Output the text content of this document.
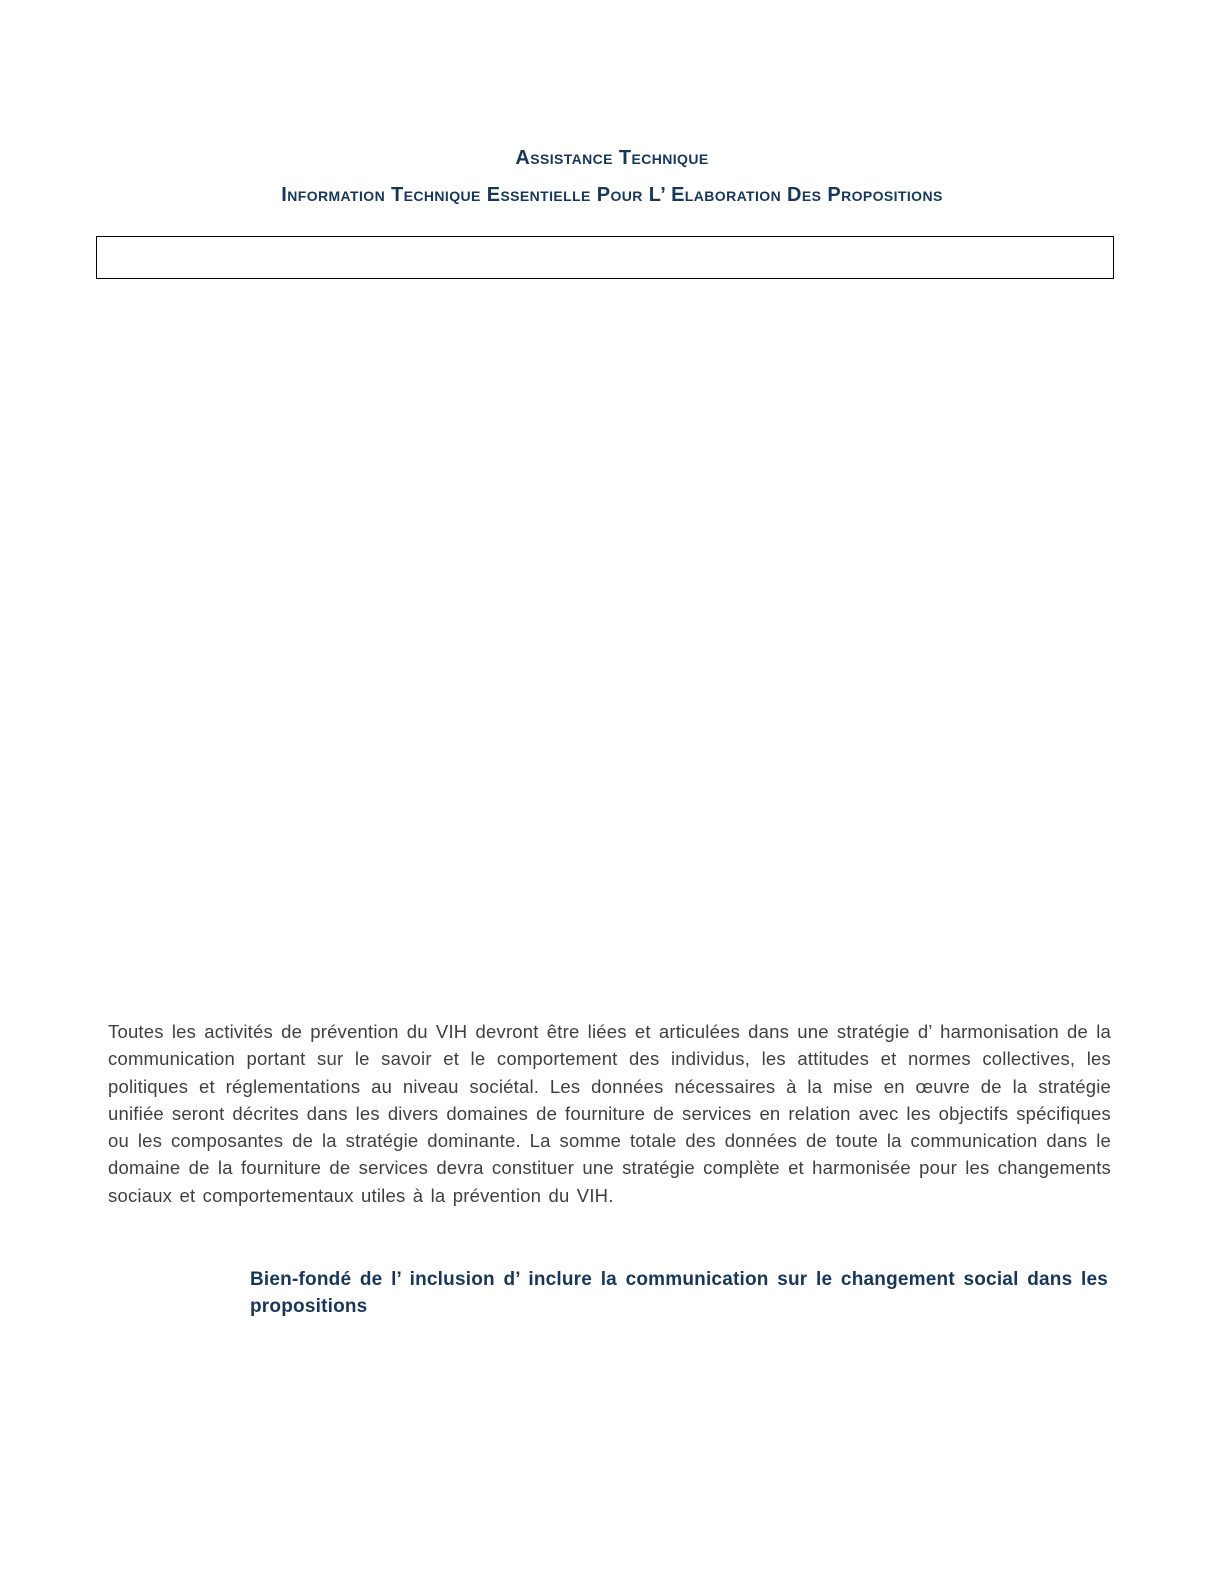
Assistance Technique
Information Technique Essentielle Pour L’ Elaboration Des Propositions

Toutes les activités de prévention du VIH devront être liées et articulées dans une stratégie d’ harmonisation de la communication portant sur le savoir et le comportement des individus, les attitudes et normes collectives, les politiques et réglementations au niveau sociétal. Les données nécessaires à la mise en œuvre de la stratégie unifiée seront décrites dans les divers domaines de fourniture de services en relation avec les objectifs spécifiques ou les composantes de la stratégie dominante. La somme totale des données de toute la communication dans le domaine de la fourniture de services devra constituer une stratégie complète et harmonisée pour les changements sociaux et comportementaux utiles à la prévention du VIH.

Bien-fondé de l’ inclusion d’ inclure la communication sur le changement social dans les propositions
